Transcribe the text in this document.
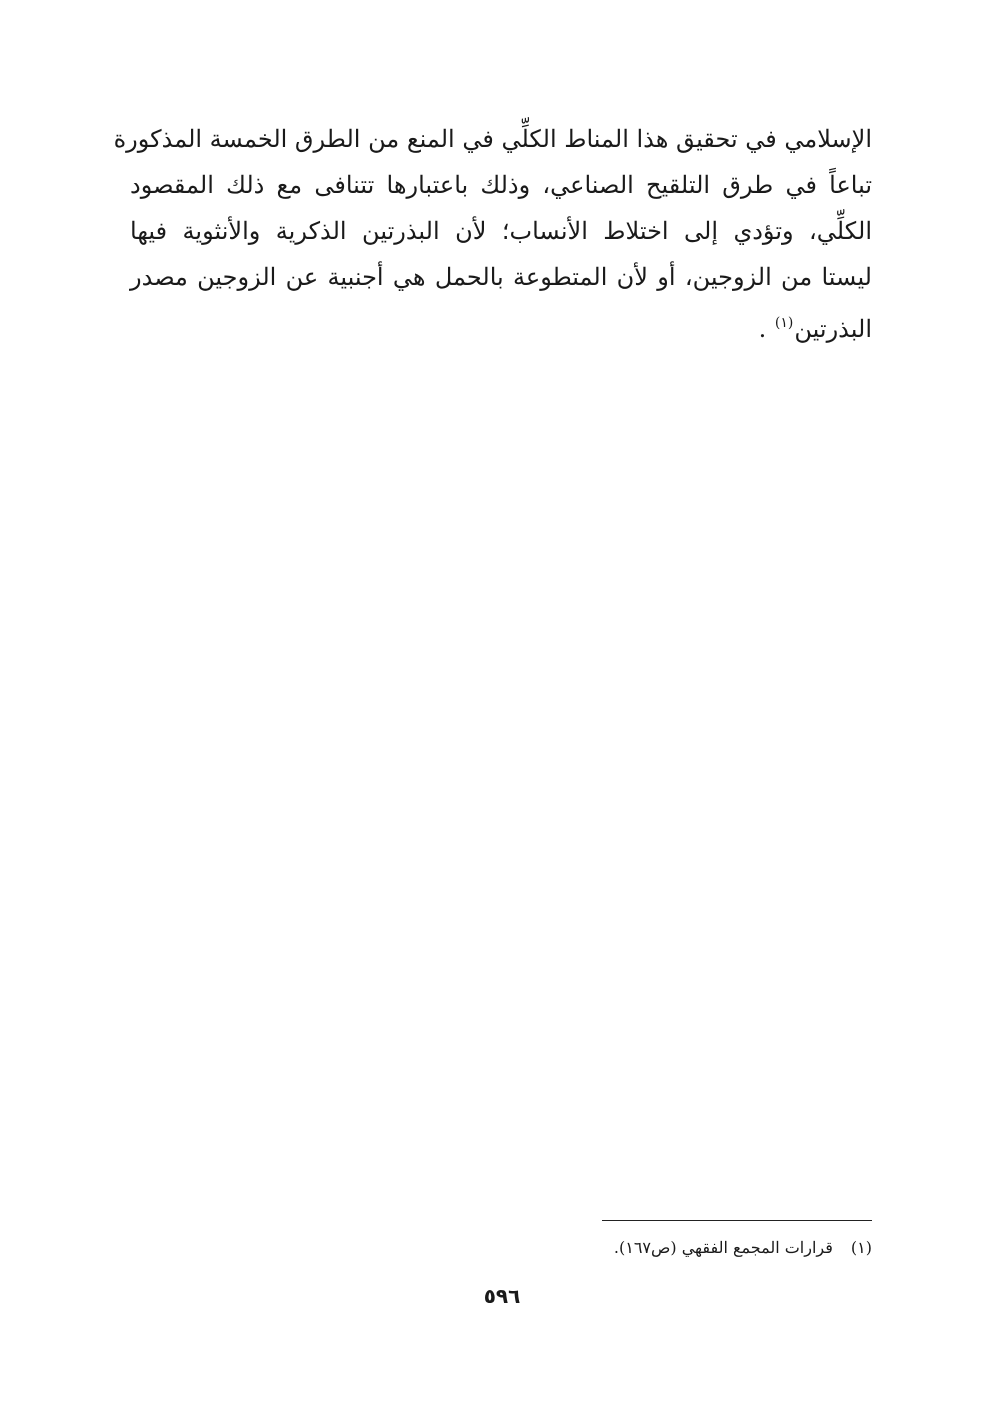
الإسلامي في تحقيق هذا المناط الكلِّي في المنع من الطرق الخمسة المذكورة
تباعاً في طرق التلقيح الصناعي، وذلك باعتبارها تتنافى مع ذلك المقصود
الكلِّي، وتؤدي إلى اختلاط الأنساب؛ لأن البذرتين الذكرية والأنثوية فيها
ليستا من الزوجين، أو لأن المتطوعة بالحمل هي أجنبية عن الزوجين مصدر
البذرتين$^{(١)}$ .
(١)قرارات المجمع الفقهي (ص١٦٧).
٥٩٦
